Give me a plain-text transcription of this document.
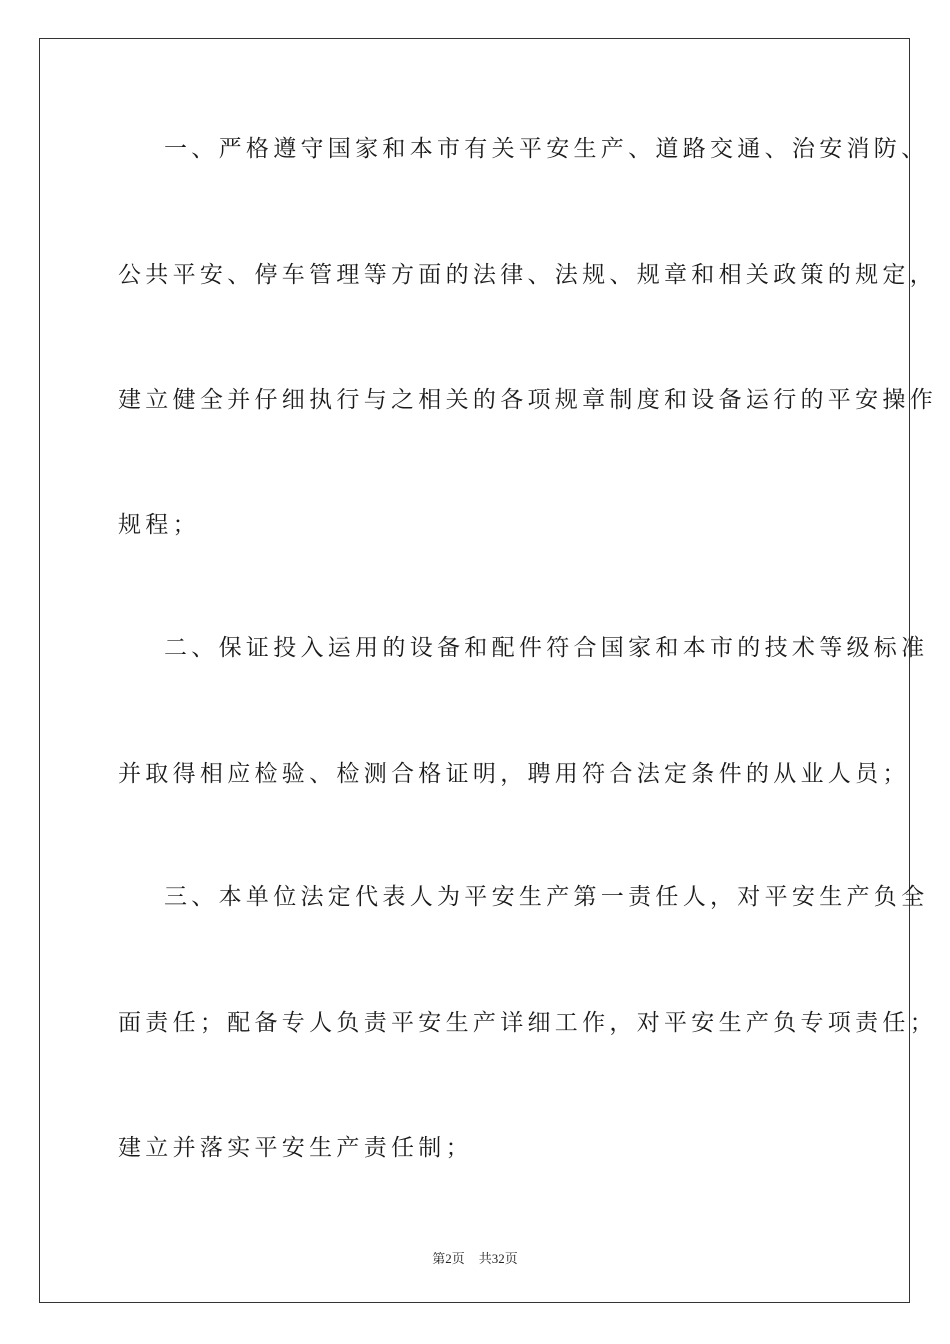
一、严格遵守国家和本市有关平安生产、道路交通、治安消防、
公共平安、停车管理等方面的法律、法规、规章和相关政策的规定，
建立健全并仔细执行与之相关的各项规章制度和设备运行的平安操作
规程；
二、保证投入运用的设备和配件符合国家和本市的技术等级标准
并取得相应检验、检测合格证明，聘用符合法定条件的从业人员；
三、本单位法定代表人为平安生产第一责任人，对平安生产负全
面责任；配备专人负责平安生产详细工作，对平安生产负专项责任；
建立并落实平安生产责任制；
第2页 共32页
